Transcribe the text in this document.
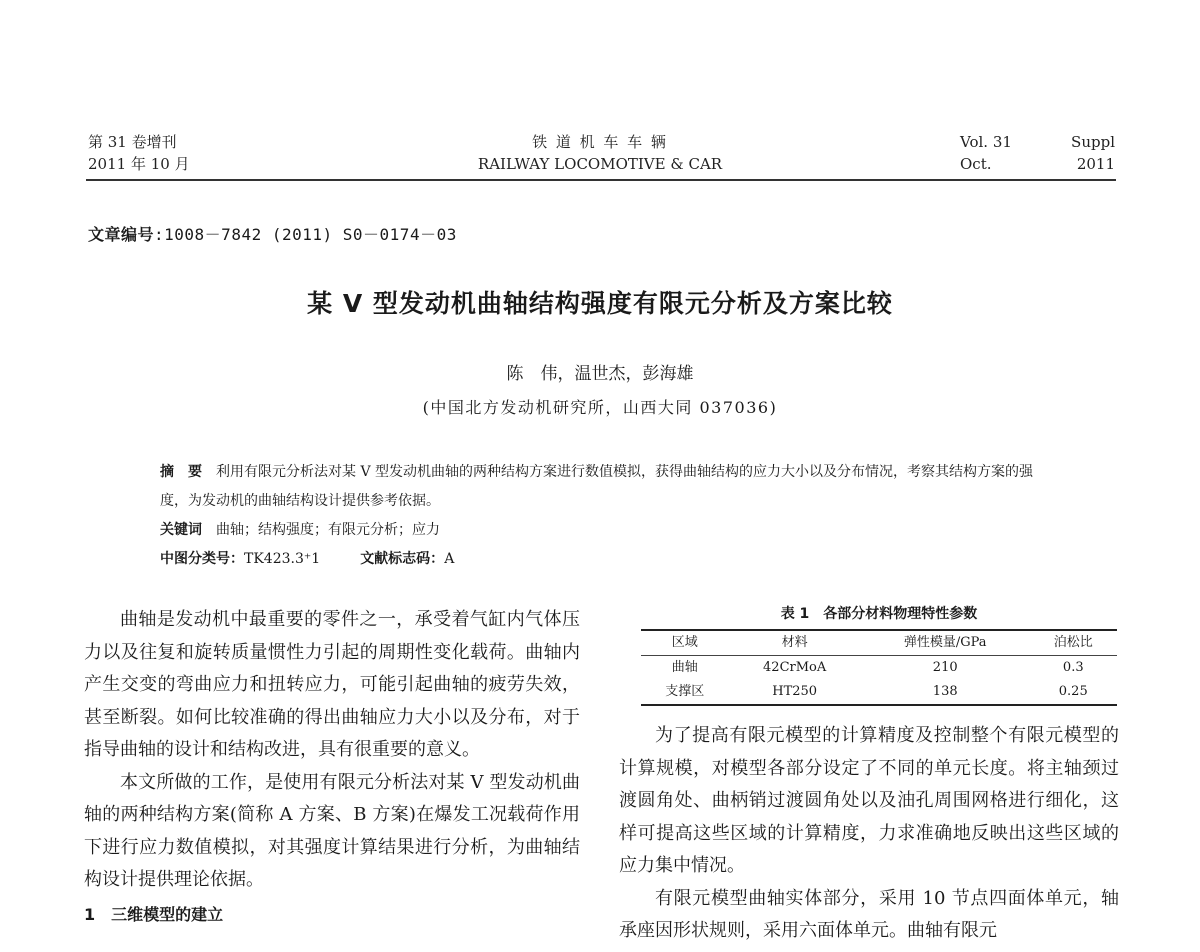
第 31 卷增刊
2011 年 10 月
铁 道 机 车 车 辆
RAILWAY LOCOMOTIVE & CAR
Vol. 31	Suppl
Oct.	2011
文章编号:1008－7842 (2011) S0－0174－03
某 V 型发动机曲轴结构强度有限元分析及方案比较
陈　伟，温世杰，彭海雄
(中国北方发动机研究所，山西大同 037036)
摘　要 利用有限元分析法对某 V 型发动机曲轴的两种结构方案进行数值模拟，获得曲轴结构的应力大小以及分布情况，考察其结构方案的强度，为发动机的曲轴结构设计提供参考依据。
关键词 曲轴；结构强度；有限元分析；应力
中图分类号：TK423.3⁺1	文献标志码：A

曲轴是发动机中最重要的零件之一，承受着气缸内气体压力以及往复和旋转质量惯性力引起的周期性变化载荷。曲轴内产生交变的弯曲应力和扭转应力，可能引起曲轴的疲劳失效，甚至断裂。如何比较准确的得出曲轴应力大小以及分布，对于指导曲轴的设计和结构改进，具有很重要的意义。

本文所做的工作，是使用有限元分析法对某 V 型发动机曲轴的两种结构方案(简称 A 方案、B 方案)在爆发工况载荷作用下进行应力数值模拟，对其强度计算结果进行分析，为曲轴结构设计提供理论依据。

1　三维模型的建立
表 1　各部分材料物理特性参数
区域	材料	弹性模量/GPa	泊松比
曲轴	42CrMoA	210	0.3
支撑区	HT250	138	0.25

为了提高有限元模型的计算精度及控制整个有限元模型的计算规模，对模型各部分设定了不同的单元长度。将主轴颈过渡圆角处、曲柄销过渡圆角处以及油孔周围网格进行细化，这样可提高这些区域的计算精度，力求准确地反映出这些区域的应力集中情况。

有限元模型曲轴实体部分，采用 10 节点四面体单元，轴承座因形状规则，采用六面体单元。曲轴有限元
